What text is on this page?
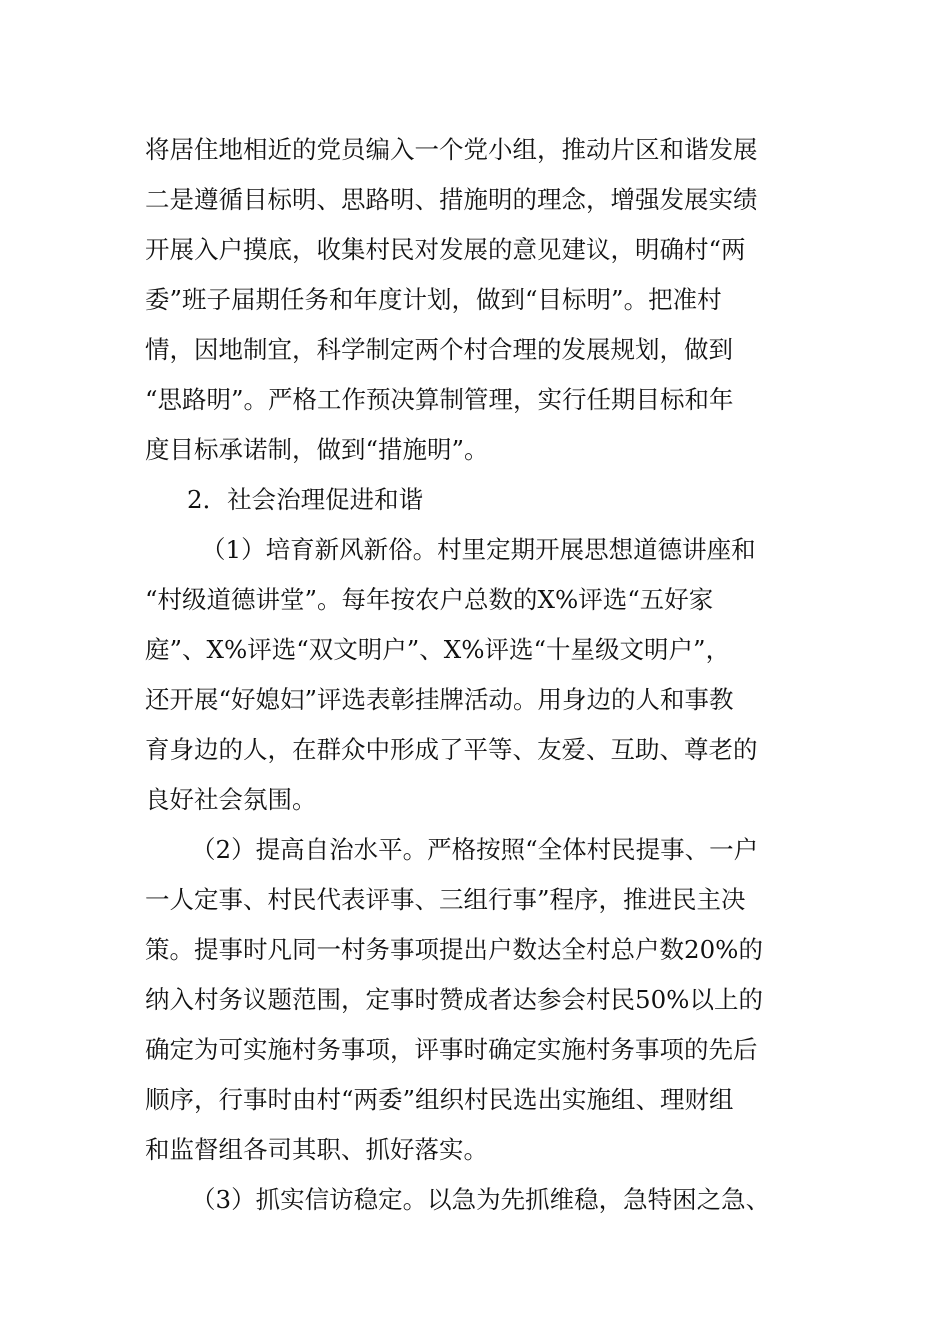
将居住地相近的党员编入一个党小组，推动片区和谐发展
二是遵循目标明、思路明、措施明的理念，增强发展实绩
开展入户摸底，收集村民对发展的意见建议，明确村“两
委”班子届期任务和年度计划，做到“目标明”。把准村
情，因地制宜，科学制定两个村合理的发展规划，做到
“思路明”。严格工作预决算制管理，实行任期目标和年
度目标承诺制，做到“措施明”。
2．社会治理促进和谐
（1）培育新风新俗。村里定期开展思想道德讲座和
“村级道德讲堂”。每年按农户总数的X%评选“五好家
庭”、X%评选“双文明户”、X%评选“十星级文明户”，
还开展“好媳妇”评选表彰挂牌活动。用身边的人和事教
育身边的人，在群众中形成了平等、友爱、互助、尊老的
良好社会氛围。
（2）提高自治水平。严格按照“全体村民提事、一户
一人定事、村民代表评事、三组行事”程序，推进民主决
策。提事时凡同一村务事项提出户数达全村总户数20%的
纳入村务议题范围，定事时赞成者达参会村民50%以上的
确定为可实施村务事项，评事时确定实施村务事项的先后
顺序，行事时由村“两委”组织村民选出实施组、理财组
和监督组各司其职、抓好落实。
（3）抓实信访稳定。以急为先抓维稳，急特困之急、
